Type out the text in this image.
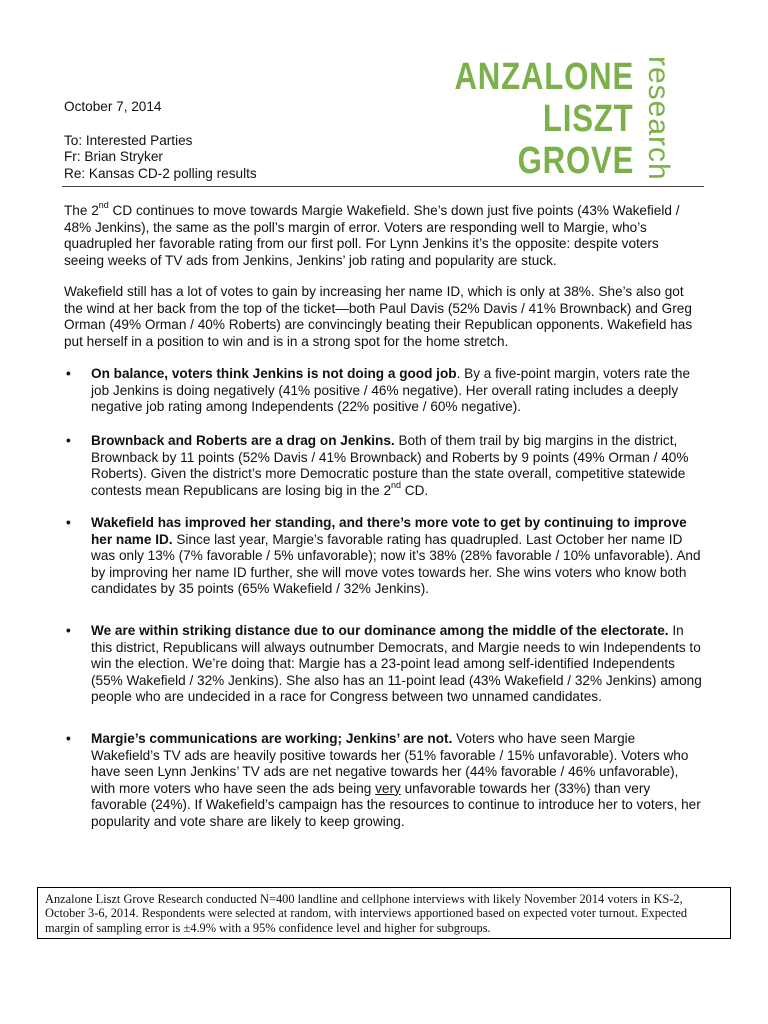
October 7, 2014
To: Interested Parties
Fr: Brian Stryker
Re: Kansas CD-2 polling results
ANZALONE
LISZT
GROVE research
The 2nd CD continues to move towards Margie Wakefield. She’s down just five points (43% Wakefield / 48% Jenkins), the same as the poll’s margin of error. Voters are responding well to Margie, who’s quadrupled her favorable rating from our first poll. For Lynn Jenkins it’s the opposite: despite voters seeing weeks of TV ads from Jenkins, Jenkins’ job rating and popularity are stuck.
Wakefield still has a lot of votes to gain by increasing her name ID, which is only at 38%. She’s also got the wind at her back from the top of the ticket—both Paul Davis (52% Davis / 41% Brownback) and Greg Orman (49% Orman / 40% Roberts) are convincingly beating their Republican opponents. Wakefield has put herself in a position to win and is in a strong spot for the home stretch.
• On balance, voters think Jenkins is not doing a good job. By a five-point margin, voters rate the job Jenkins is doing negatively (41% positive / 46% negative). Her overall rating includes a deeply negative job rating among Independents (22% positive / 60% negative).
• Brownback and Roberts are a drag on Jenkins. Both of them trail by big margins in the district, Brownback by 11 points (52% Davis / 41% Brownback) and Roberts by 9 points (49% Orman / 40% Roberts). Given the district’s more Democratic posture than the state overall, competitive statewide contests mean Republicans are losing big in the 2nd CD.
• Wakefield has improved her standing, and there’s more vote to get by continuing to improve her name ID. Since last year, Margie’s favorable rating has quadrupled. Last October her name ID was only 13% (7% favorable / 5% unfavorable); now it’s 38% (28% favorable / 10% unfavorable). And by improving her name ID further, she will move votes towards her. She wins voters who know both candidates by 35 points (65% Wakefield / 32% Jenkins).
• We are within striking distance due to our dominance among the middle of the electorate. In this district, Republicans will always outnumber Democrats, and Margie needs to win Independents to win the election. We’re doing that: Margie has a 23-point lead among self-identified Independents (55% Wakefield / 32% Jenkins). She also has an 11-point lead (43% Wakefield / 32% Jenkins) among people who are undecided in a race for Congress between two unnamed candidates.
• Margie’s communications are working; Jenkins’ are not. Voters who have seen Margie Wakefield’s TV ads are heavily positive towards her (51% favorable / 15% unfavorable). Voters who have seen Lynn Jenkins’ TV ads are net negative towards her (44% favorable / 46% unfavorable), with more voters who have seen the ads being very unfavorable towards her (33%) than very favorable (24%). If Wakefield’s campaign has the resources to continue to introduce her to voters, her popularity and vote share are likely to keep growing.
Anzalone Liszt Grove Research conducted N=400 landline and cellphone interviews with likely November 2014 voters in KS-2, October 3-6, 2014. Respondents were selected at random, with interviews apportioned based on expected voter turnout. Expected margin of sampling error is ±4.9% with a 95% confidence level and higher for subgroups.
